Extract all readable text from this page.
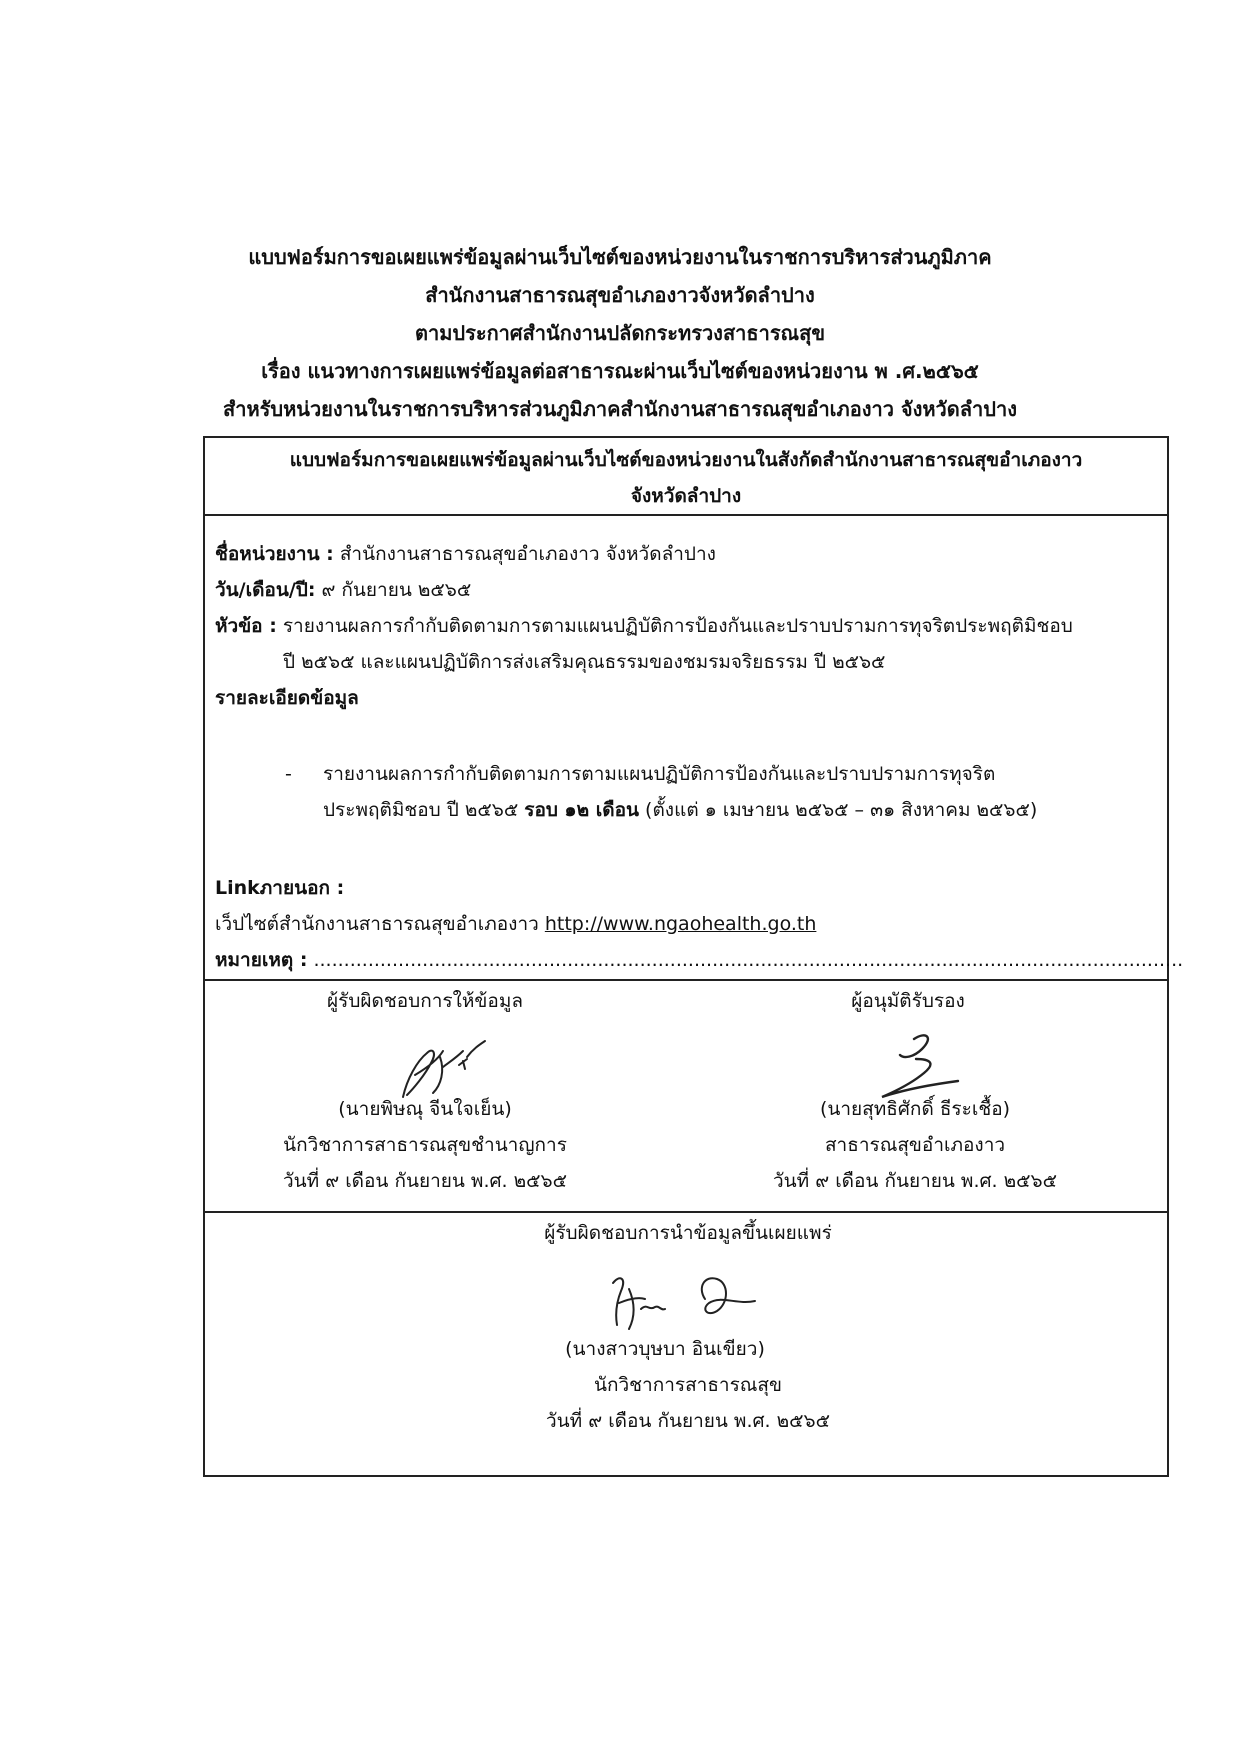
แบบฟอร์มการขอเผยแพร่ข้อมูลผ่านเว็บไซต์ของหน่วยงานในราชการบริหารส่วนภูมิภาค
สำนักงานสาธารณสุขอำเภองาวจังหวัดลำปาง
ตามประกาศสำนักงานปลัดกระทรวงสาธารณสุข
เรื่อง แนวทางการเผยแพร่ข้อมูลต่อสาธารณะผ่านเว็บไซต์ของหน่วยงาน พ .ศ.๒๕๖๕
สำหรับหน่วยงานในราชการบริหารส่วนภูมิภาคสำนักงานสาธารณสุขอำเภองาว จังหวัดลำปาง
แบบฟอร์มการขอเผยแพร่ข้อมูลผ่านเว็บไซต์ของหน่วยงานในสังกัดสำนักงานสาธารณสุขอำเภองาว
จังหวัดลำปาง
ชื่อหน่วยงาน : สำนักงานสาธารณสุขอำเภองาว จังหวัดลำปาง
วัน/เดือน/ปี: ๙ กันยายน ๒๕๖๕
หัวข้อ : รายงานผลการกำกับติดตามการตามแผนปฏิบัติการป้องกันและปราบปรามการทุจริตประพฤติมิชอบ
ปี ๒๕๖๕ และแผนปฏิบัติการส่งเสริมคุณธรรมของชมรมจริยธรรม ปี ๒๕๖๕
รายละเอียดข้อมูล
- รายงานผลการกำกับติดตามการตามแผนปฏิบัติการป้องกันและปราบปรามการทุจริต
ประพฤติมิชอบ ปี ๒๕๖๕ รอบ ๑๒ เดือน (ตั้งแต่ ๑ เมษายน ๒๕๖๕ – ๓๑ สิงหาคม ๒๕๖๕)
Linkภายนอก :
เว็ปไซต์สำนักงานสาธารณสุขอำเภองาว http://www.ngaohealth.go.th
หมายเหตุ : ................................................................................................................................................
ผู้รับผิดชอบการให้ข้อมูล
(นายพิษณุ จีนใจเย็น)
นักวิชาการสาธารณสุขชำนาญการ
วันที่ ๙ เดือน กันยายน พ.ศ. ๒๕๖๕
ผู้อนุมัติรับรอง
(นายสุทธิศักดิ์ ธีระเชื้อ)
สาธารณสุขอำเภองาว
วันที่ ๙ เดือน กันยายน พ.ศ. ๒๕๖๕
ผู้รับผิดชอบการนำข้อมูลขึ้นเผยแพร่
(นางสาวบุษบา อินเขียว)
นักวิชาการสาธารณสุข
วันที่ ๙ เดือน กันยายน พ.ศ. ๒๕๖๕
